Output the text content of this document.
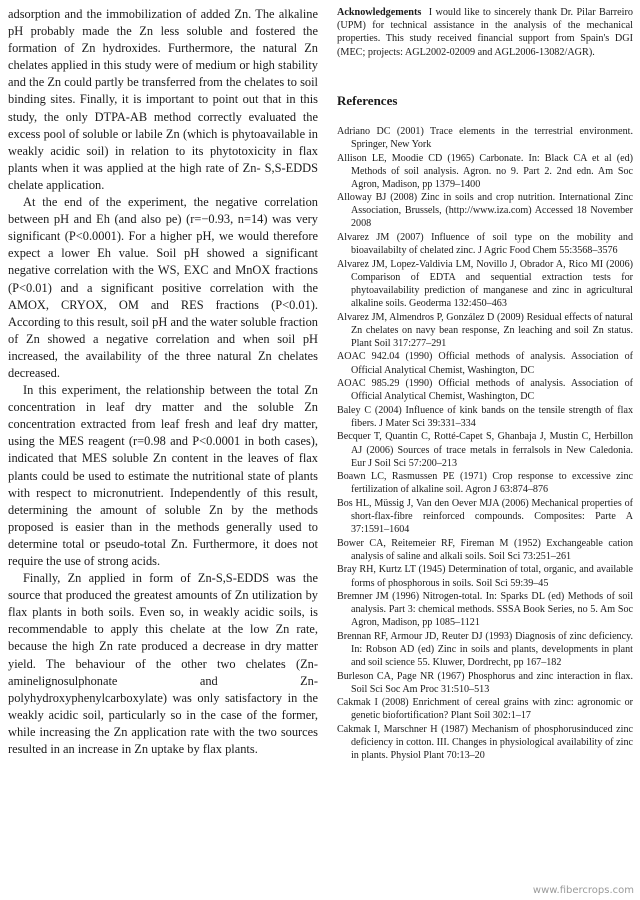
adsorption and the immobilization of added Zn. The alkaline pH probably made the Zn less soluble and fostered the formation of Zn hydroxides. Furthermore, the natural Zn chelates applied in this study were of medium or high stability and the Zn could partly be transferred from the chelates to soil binding sites. Finally, it is important to point out that in this study, the only DTPA-AB method correctly evaluated the excess pool of soluble or labile Zn (which is phytoavailable in weakly acidic soil) in relation to its phytotoxicity in flax plants when it was applied at the high rate of Zn- S,S-EDDS chelate application.

At the end of the experiment, the negative correlation between pH and Eh (and also pe) (r=−0.93, n=14) was very significant (P<0.0001). For a higher pH, we would therefore expect a lower Eh value. Soil pH showed a significant negative correlation with the WS, EXC and MnOX fractions (P<0.01) and a significant positive correlation with the AMOX, CRYOX, OM and RES fractions (P<0.01). According to this result, soil pH and the water soluble fraction of Zn showed a negative correlation and when soil pH increased, the availability of the three natural Zn chelates decreased.

In this experiment, the relationship between the total Zn concentration in leaf dry matter and the soluble Zn concentration extracted from leaf fresh and leaf dry matter, using the MES reagent (r=0.98 and P<0.0001 in both cases), indicated that MES soluble Zn content in the leaves of flax plants could be used to estimate the nutritional state of plants with respect to micronutrient. Independently of this result, determining the amount of soluble Zn by the methods proposed is easier than in the methods generally used to determine total or pseudo-total Zn. Furthermore, it does not require the use of strong acids.

Finally, Zn applied in form of Zn-S,S-EDDS was the source that produced the greatest amounts of Zn utilization by flax plants in both soils. Even so, in weakly acidic soils, is recommendable to apply this chelate at the low Zn rate, because the high Zn rate produced a decrease in dry matter yield. The behaviour of the other two chelates (Zn-aminelignosulphonate and Zn-polyhydroxyphenylcarboxylate) was only satisfactory in the weakly acidic soil, particularly so in the case of the former, while increasing the Zn application rate with the two sources resulted in an increase in Zn uptake by flax plants.

Acknowledgements I would like to sincerely thank Dr. Pilar Barreiro (UPM) for technical assistance in the analysis of the mechanical properties. This study received financial support from Spain's DGI (MEC; projects: AGL2002-02009 and AGL2006-13082/AGR).

References
Adriano DC (2001) Trace elements in the terrestrial environment. Springer, New York
Allison LE, Moodie CD (1965) Carbonate. In: Black CA et al (ed) Methods of soil analysis. Agron. no 9. Part 2. 2nd edn. Am Soc Agron, Madison, pp 1379–1400
Alloway BJ (2008) Zinc in soils and crop nutrition. International Zinc Association, Brussels, (http://www.iza.com) Accessed 18 November 2008
Alvarez JM (2007) Influence of soil type on the mobility and bioavailabilty of chelated zinc. J Agric Food Chem 55:3568–3576
Alvarez JM, Lopez-Valdivia LM, Novillo J, Obrador A, Rico MI (2006) Comparison of EDTA and sequential extraction tests for phytoavailability prediction of manganese and zinc in agricultural alkaline soils. Geoderma 132:450–463
Alvarez JM, Almendros P, González D (2009) Residual effects of natural Zn chelates on navy bean response, Zn leaching and soil Zn status. Plant Soil 317:277–291
AOAC 942.04 (1990) Official methods of analysis. Association of Official Analytical Chemist, Washington, DC
AOAC 985.29 (1990) Official methods of analysis. Association of Official Analytical Chemist, Washington, DC
Baley C (2004) Influence of kink bands on the tensile strength of flax fibers. J Mater Sci 39:331–334
Becquer T, Quantin C, Rotté-Capet S, Ghanbaja J, Mustin C, Herbillon AJ (2006) Sources of trace metals in ferralsols in New Caledonia. Eur J Soil Sci 57:200–213
Boawn LC, Rasmussen PE (1971) Crop response to excessive zinc fertilization of alkaline soil. Agron J 63:874–876
Bos HL, Müssig J, Van den Oever MJA (2006) Mechanical properties of short-flax-fibre reinforced compounds. Composites: Parte A 37:1591–1604
Bower CA, Reitemeier RF, Fireman M (1952) Exchangeable cation analysis of saline and alkali soils. Soil Sci 73:251–261
Bray RH, Kurtz LT (1945) Determination of total, organic, and available forms of phosphorous in soils. Soil Sci 59:39–45
Bremner JM (1996) Nitrogen-total. In: Sparks DL (ed) Methods of soil analysis. Part 3: chemical methods. SSSA Book Series, no 5. Am Soc Agron, Madison, pp 1085–1121
Brennan RF, Armour JD, Reuter DJ (1993) Diagnosis of zinc deficiency. In: Robson AD (ed) Zinc in soils and plants, developments in plant and soil science 55. Kluwer, Dordrecht, pp 167–182
Burleson CA, Page NR (1967) Phosphorus and zinc interaction in flax. Soil Sci Soc Am Proc 31:510–513
Cakmak I (2008) Enrichment of cereal grains with zinc: agronomic or genetic biofortification? Plant Soil 302:1–17
Cakmak I, Marschner H (1987) Mechanism of phosphorusinduced zinc deficiency in cotton. III. Changes in physiological availability of zinc in plants. Physiol Plant 70:13–20
www.fibercrops.com
